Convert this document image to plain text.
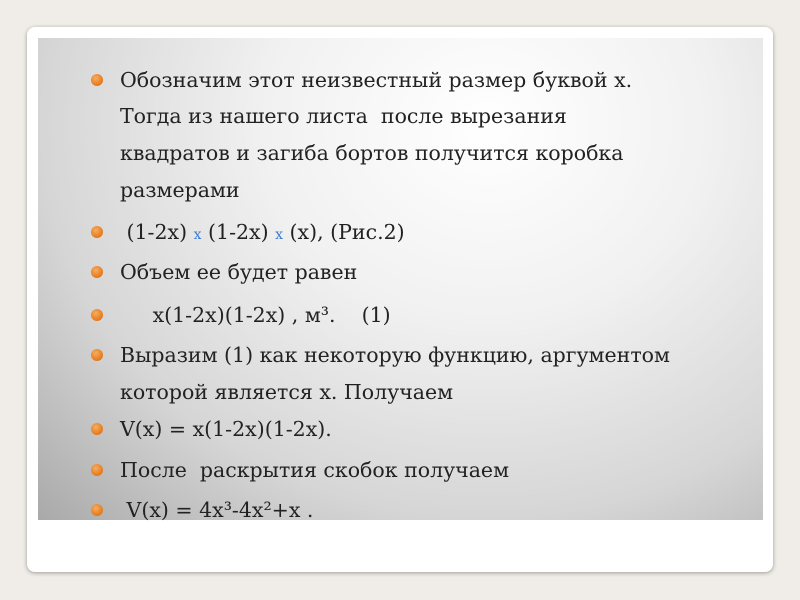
Обозначим этот неизвестный размер буквой х.
Тогда из нашего листа  после вырезания
квадратов и загиба бортов получится коробка
размерами
(1-2х) х (1-2х) х (х), (Рис.2)
Объем ее будет равен
х(1-2х)(1-2х) , м³.    (1)
Выразим (1) как некоторую функцию, аргументом
которой является х. Получаем
V(х) = х(1-2х)(1-2х).
После  раскрытия скобок получаем
V(х) = 4х³-4х²+х .
